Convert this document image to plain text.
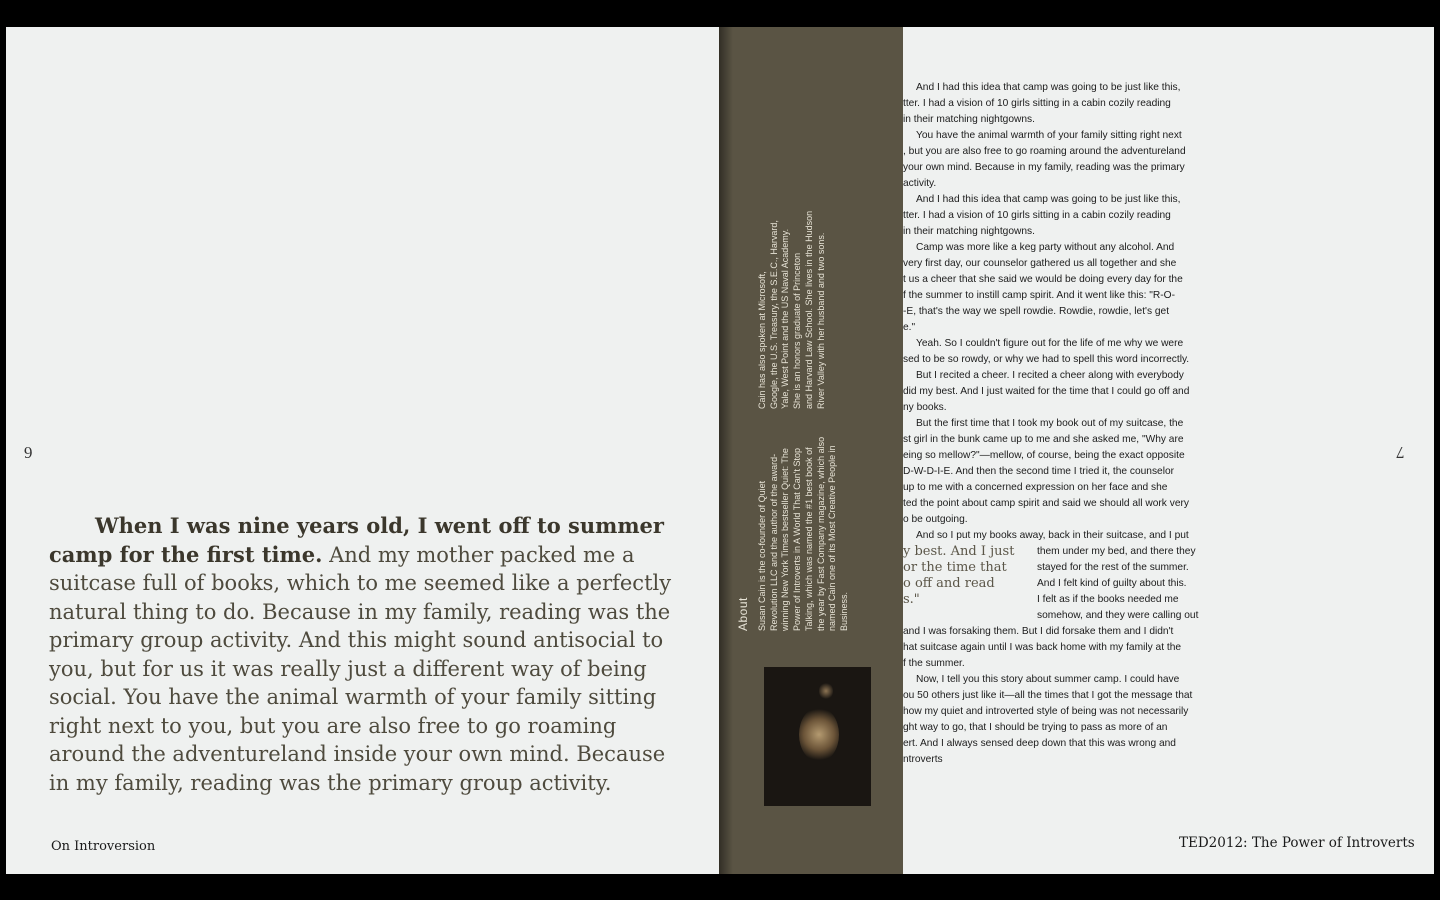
6

When I was nine years old, I went off to summer camp for the first time. And my mother packed me a suitcase full of books, which to me seemed like a perfectly natural thing to do. Because in my family, reading was the primary group activity. And this might sound antisocial to you, but for us it was really just a different way of being social. You have the animal warmth of your family sitting right next to you, but you are also free to go roaming around the adventureland inside your own mind. Because in my family, reading was the primary group activity.

On Introversion

And I had this idea that camp was going to be just like this,

tter. I had a vision of 10 girls sitting in a cabin cozily reading

in their matching nightgowns.

You have the animal warmth of your family sitting right next

, but you are also free to go roaming around the adventureland

your own mind. Because in my family, reading was the primary

activity.

And I had this idea that camp was going to be just like this,

tter. I had a vision of 10 girls sitting in a cabin cozily reading

in their matching nightgowns.

Camp was more like a keg party without any alcohol. And

very first day, our counselor gathered us all together and she

t us a cheer that she said we would be doing every day for the

f the summer to instill camp spirit. And it went like this: "R-O-

-E, that's the way we spell rowdie. Rowdie, rowdie, let's get

e."

Yeah. So I couldn't figure out for the life of me why we were

sed to be so rowdy, or why we had to spell this word incorrectly.

But I recited a cheer. I recited a cheer along with everybody

did my best. And I just waited for the time that I could go off and

ny books.

But the first time that I took my book out of my suitcase, the

st girl in the bunk came up to me and she asked me, "Why are

eing so mellow?"—mellow, of course, being the exact opposite

D-W-D-I-E. And then the second time I tried it, the counselor

up to me with a concerned expression on her face and she

ted the point about camp spirit and said we should all work very

o be outgoing.

And so I put my books away, back in their suitcase, and I put

y best. And I just
or the time that
o off and read
s."

them under my bed, and there they

stayed for the rest of the summer.

And I felt kind of guilty about this.

I felt as if the books needed me

somehow, and they were calling out

and I was forsaking them. But I did forsake them and I didn't

hat suitcase again until I was back home with my family at the

f the summer.

Now, I tell you this story about summer camp. I could have

ou 50 others just like it—all the times that I got the message that

how my quiet and introverted style of being was not necessarily

ght way to go, that I should be trying to pass as more of an

ert. And I always sensed deep down that this was wrong and

ntroverts

7
TED2012: The Power of Introverts
About Susan Cain is the co-founder of Quiet Revolution LLC and the author of the award- winning New York Times bestseller Quiet: The Power of Introverts in A World That Can't Stop Talking, which was named the #1 best book of the year by Fast Company magazine, which also named Cain one of its Most Creative People in Business.

Cain has also spoken at Microsoft, Google, the U.S. Treasury, the S.E.C., Harvard, Yale, West Point and the US Naval Academy. She is an honors graduate of Princeton and Harvard Law School. She lives in the Hudson River Valley with her husband and two sons.
